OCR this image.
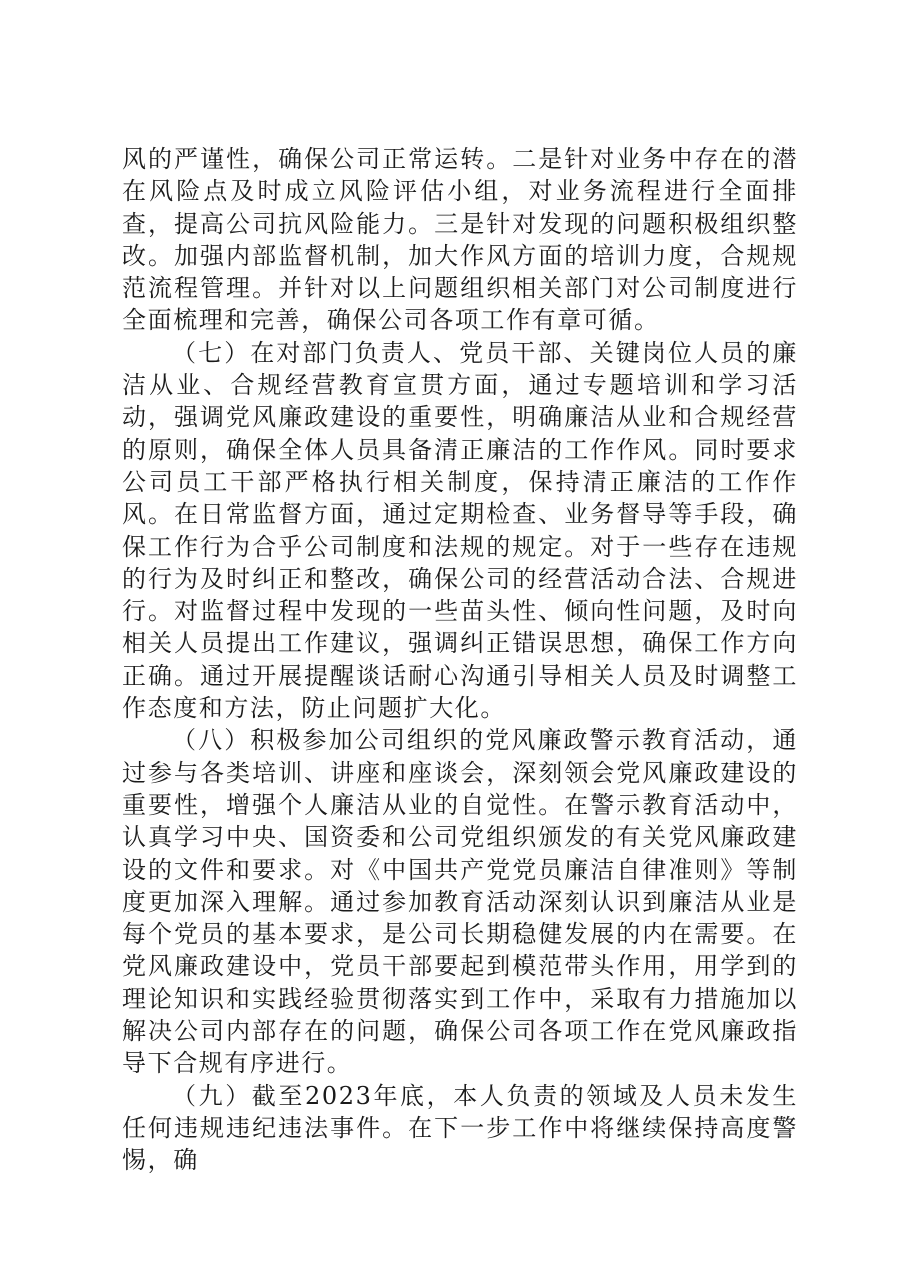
风的严谨性，确保公司正常运转。二是针对业务中存在的潜在风险点及时成立风险评估小组，对业务流程进行全面排查，提高公司抗风险能力。三是针对发现的问题积极组织整改。加强内部监督机制，加大作风方面的培训力度，合规规范流程管理。并针对以上问题组织相关部门对公司制度进行全面梳理和完善，确保公司各项工作有章可循。

（七）在对部门负责人、党员干部、关键岗位人员的廉洁从业、合规经营教育宣贯方面，通过专题培训和学习活动，强调党风廉政建设的重要性，明确廉洁从业和合规经营的原则，确保全体人员具备清正廉洁的工作作风。同时要求公司员工干部严格执行相关制度，保持清正廉洁的工作作风。在日常监督方面，通过定期检查、业务督导等手段，确保工作行为合乎公司制度和法规的规定。对于一些存在违规的行为及时纠正和整改，确保公司的经营活动合法、合规进行。对监督过程中发现的一些苗头性、倾向性问题，及时向相关人员提出工作建议，强调纠正错误思想，确保工作方向正确。通过开展提醒谈话耐心沟通引导相关人员及时调整工作态度和方法，防止问题扩大化。

（八）积极参加公司组织的党风廉政警示教育活动，通过参与各类培训、讲座和座谈会，深刻领会党风廉政建设的重要性，增强个人廉洁从业的自觉性。在警示教育活动中，认真学习中央、国资委和公司党组织颁发的有关党风廉政建设的文件和要求。对《中国共产党党员廉洁自律准则》等制度更加深入理解。通过参加教育活动深刻认识到廉洁从业是每个党员的基本要求，是公司长期稳健发展的内在需要。在党风廉政建设中，党员干部要起到模范带头作用，用学到的理论知识和实践经验贯彻落实到工作中，采取有力措施加以解决公司内部存在的问题，确保公司各项工作在党风廉政指导下合规有序进行。

（九）截至2023年底，本人负责的领域及人员未发生任何违规违纪违法事件。在下一步工作中将继续保持高度警惕，确
